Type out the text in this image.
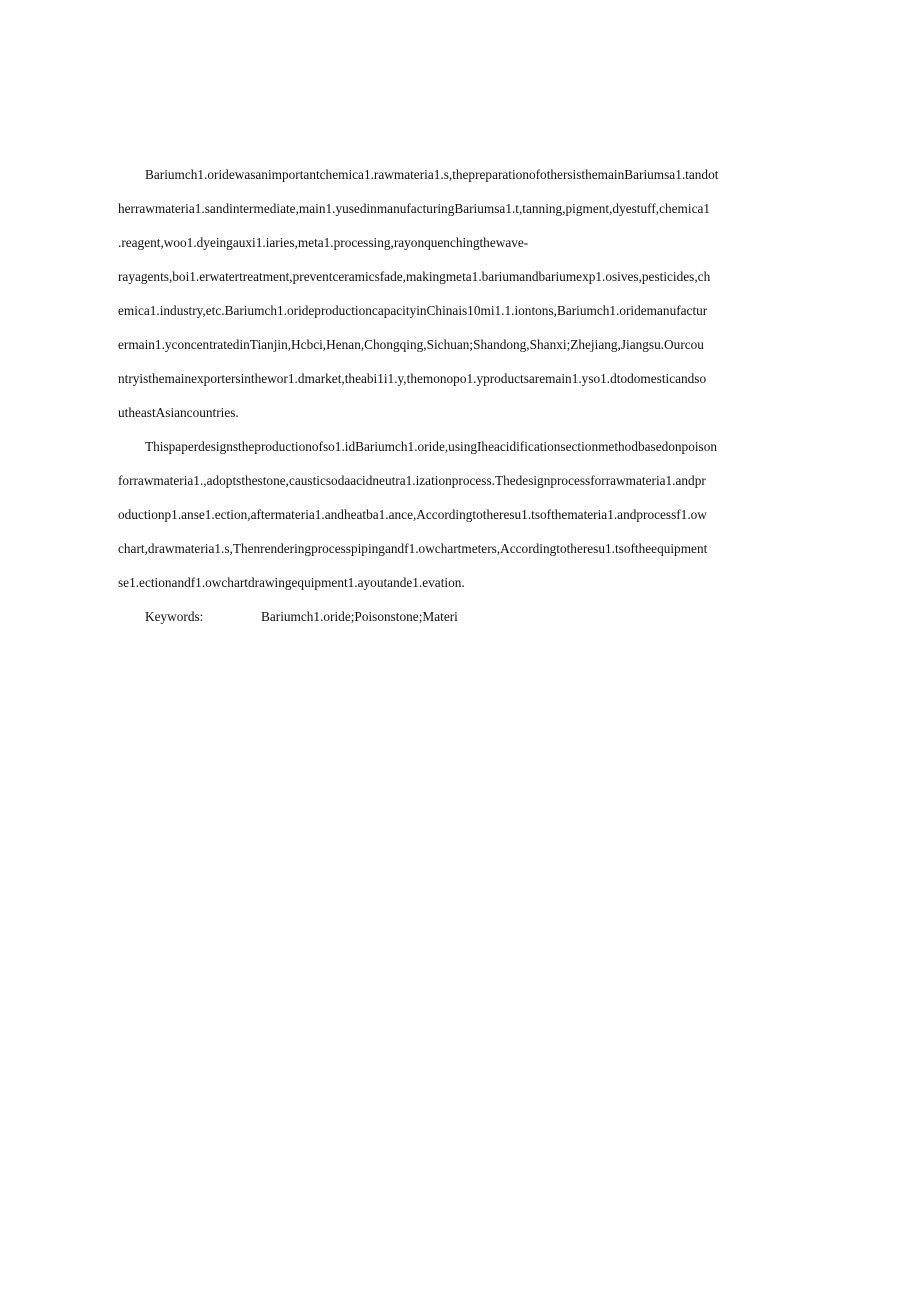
Bariumch1.oridewasanimportantchemica1.rawmateria1.s,thepreparationofothersisthemainBariumsa1.tandot
herrawmateria1.sandintermediate,main1.yusedinmanufacturingBariumsa1.t,tanning,pigment,dyestuff,chemica1
.reagent,woo1.dyeingauxi1.iaries,meta1.processing,rayonquenchingthewave-
rayagents,boi1.erwatertreatment,preventceramicsfade,makingmeta1.bariumandbariumexp1.osives,pesticides,ch
emica1.industry,etc.Bariumch1.orideproductioncapacityinChinais10mi1.1.iontons,Bariumch1.oridemanufactur
ermain1.yconcentratedinTianjin,Hcbci,Henan,Chongqing,Sichuan;Shandong,Shanxi;Zhejiang,Jiangsu.Ourcou
ntryisthemainexportersinthewor1.dmarket,theabi1i1.y,themonopo1.yproductsaremain1.yso1.dtodomesticandso
utheastAsiancountries.
Thispaperdesignstheproductionofso1.idBariumch1.oride,usingIheacidificationsectionmethodbasedonpoison
forrawmateria1.,adoptsthestone,causticsodaacidneutra1.izationprocess.Thedesignprocessforrawmateria1.andpr
oductionp1.anse1.ection,aftermateria1.andheatba1.ance,Accordingtotheresu1.tsofthemateria1.andprocessf1.ow
chart,drawmateria1.s,Thenrenderingprocesspipingandf1.owchartmeters,Accordingtotheresu1.tsoftheequipment
se1.ectionandf1.owchartdrawingequipment1.ayoutande1.evation.
Keywords:	Bariumch1.oride;Poisonstone;Materi
